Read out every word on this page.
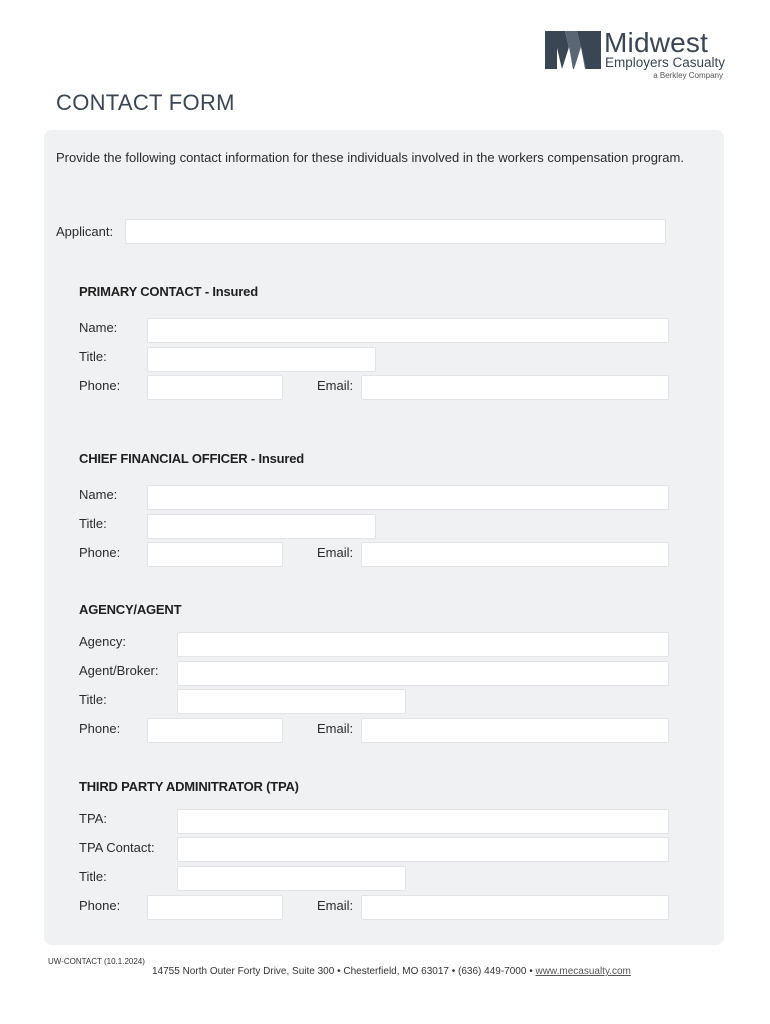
Midwest
Employers Casualty
a Berkley Company
CONTACT FORM
Provide the following contact information for these individuals involved in the workers compensation program.
Applicant:
PRIMARY CONTACT - Insured
Name:
Title:
Phone:	Email:
CHIEF FINANCIAL OFFICER - Insured
Name:
Title:
Phone:	Email:
AGENCY/AGENT
Agency:
Agent/Broker:
Title:
Phone:	Email:
THIRD PARTY ADMINITRATOR (TPA)
TPA:
TPA Contact:
Title:
Phone:	Email:
UW-CONTACT (10.1.2024)
14755 North Outer Forty Drive, Suite 300 • Chesterfield, MO 63017 • (636) 449-7000 • www.mecasualty.com
